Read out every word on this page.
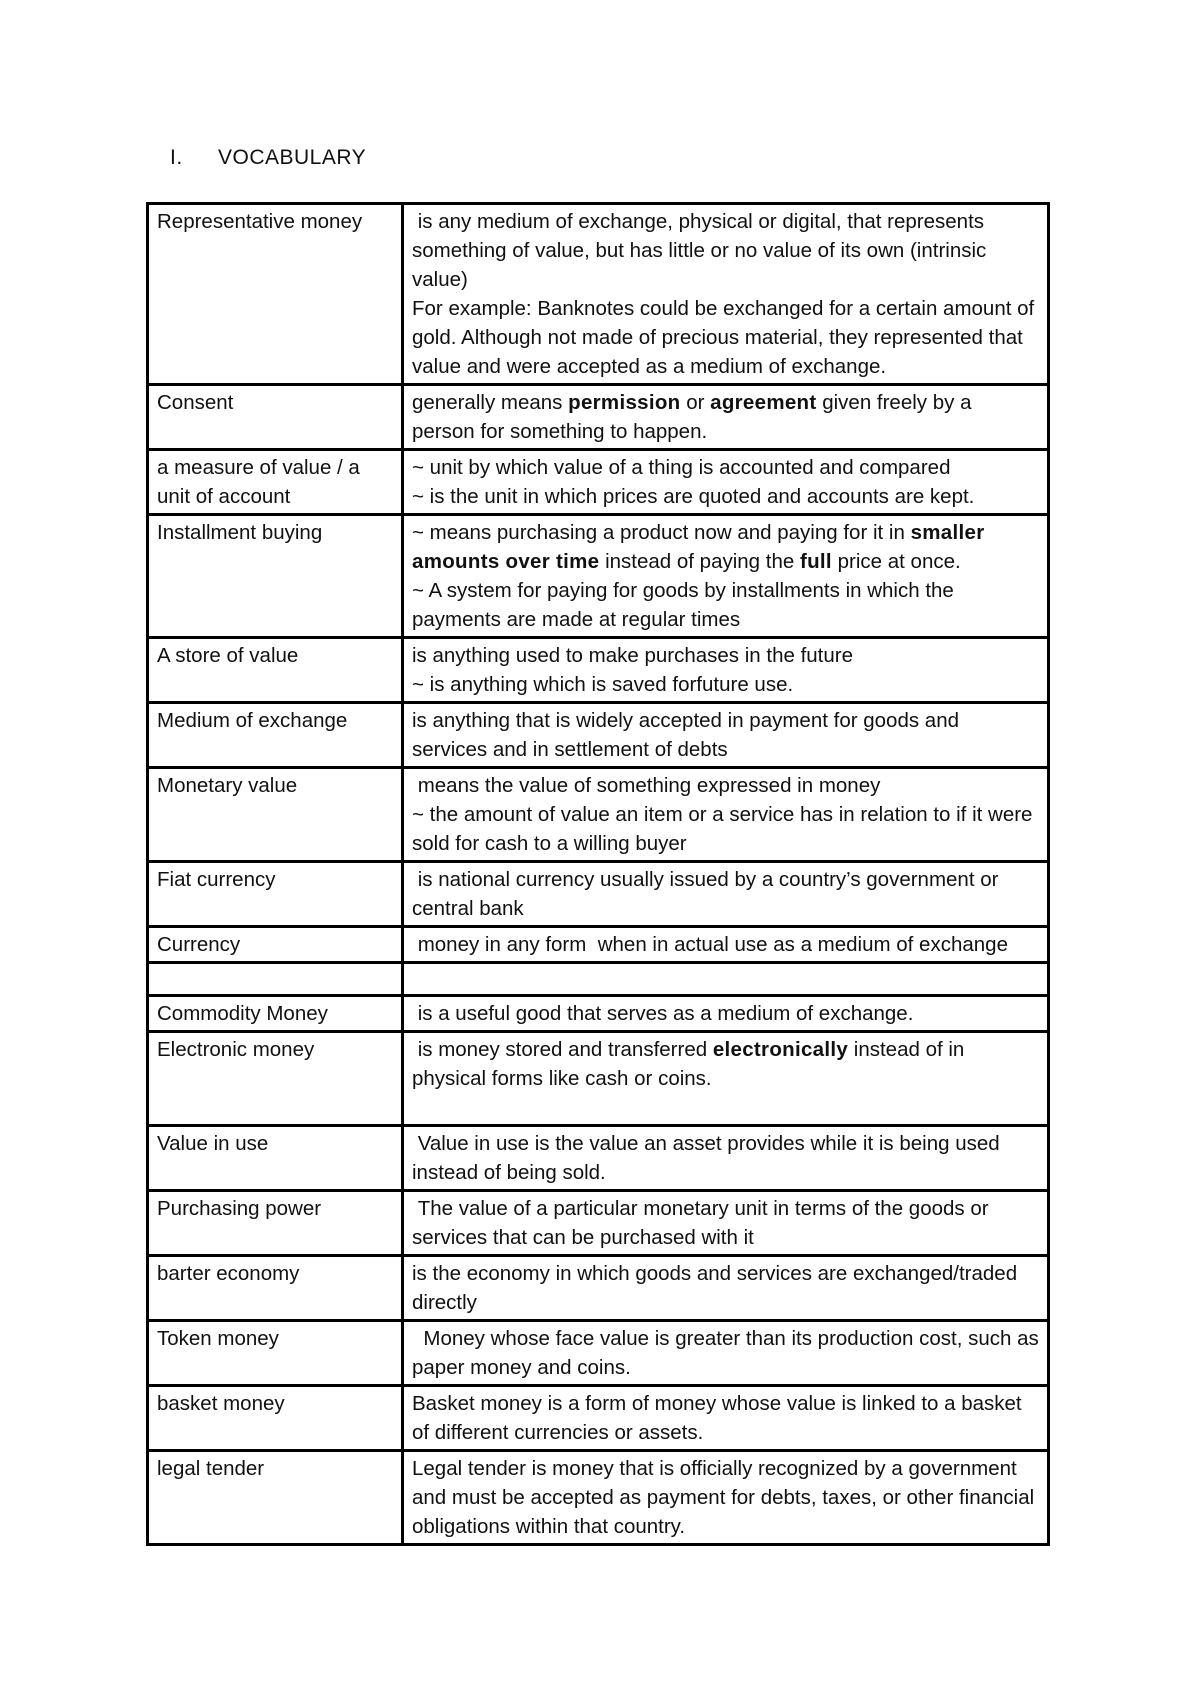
I. VOCABULARY
Representative money	is any medium of exchange, physical or digital, that represents something of value, but has little or no value of its own (intrinsic value)
For example: Banknotes could be exchanged for a certain amount of gold. Although not made of precious material, they represented that value and were accepted as a medium of exchange.

Consent	generally means permission or agreement given freely by a person for something to happen.

a measure of value / a unit of account	~ unit by which value of a thing is accounted and compared
~ is the unit in which prices are quoted and accounts are kept.

Installment buying	~ means purchasing a product now and paying for it in smaller amounts over time instead of paying the full price at once.
~ A system for paying for goods by installments in which the payments are made at regular times

A store of value	is anything used to make purchases in the future
~ is anything which is saved forfuture use.

Medium of exchange	is anything that is widely accepted in payment for goods and services and in settlement of debts

Monetary value	means the value of something expressed in money
~ the amount of value an item or a service has in relation to if it were sold for cash to a willing buyer

Fiat currency	is national currency usually issued by a country’s government or central bank

Currency	money in any form  when in actual use as a medium of exchange

Commodity Money	is a useful good that serves as a medium of exchange.

Electronic money	is money stored and transferred electronically instead of in physical forms like cash or coins.

Value in use	Value in use is the value an asset provides while it is being used instead of being sold.

Purchasing power	The value of a particular monetary unit in terms of the goods or services that can be purchased with it

barter economy	is the economy in which goods and services are exchanged/traded directly

Token money	Money whose face value is greater than its production cost, such as paper money and coins.

basket money	Basket money is a form of money whose value is linked to a basket of different currencies or assets.

legal tender	Legal tender is money that is officially recognized by a government and must be accepted as payment for debts, taxes, or other financial obligations within that country.
